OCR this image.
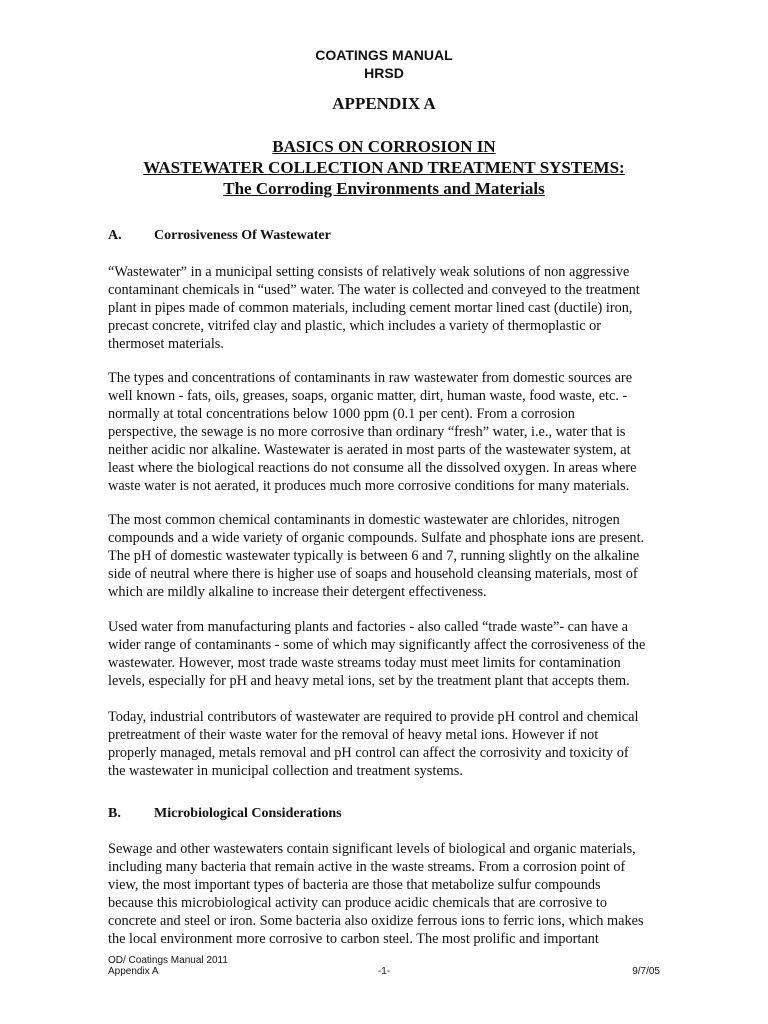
COATINGS MANUAL
HRSD
APPENDIX A
BASICS ON CORROSION IN
WASTEWATER COLLECTION AND TREATMENT SYSTEMS:
The Corroding Environments and Materials
A. Corrosiveness Of Wastewater
“Wastewater” in a municipal setting consists of relatively weak solutions of non aggressive
contaminant chemicals in “used” water. The water is collected and conveyed to the treatment
plant in pipes made of common materials, including cement mortar lined cast (ductile) iron,
precast concrete, vitrifed clay and plastic, which includes a variety of thermoplastic or
thermoset materials.
The types and concentrations of contaminants in raw wastewater from domestic sources are
well known - fats, oils, greases, soaps, organic matter, dirt, human waste, food waste, etc. -
normally at total concentrations below 1000 ppm (0.1 per cent). From a corrosion
perspective, the sewage is no more corrosive than ordinary “fresh” water, i.e., water that is
neither acidic nor alkaline. Wastewater is aerated in most parts of the wastewater system, at
least where the biological reactions do not consume all the dissolved oxygen. In areas where
waste water is not aerated, it produces much more corrosive conditions for many materials.
The most common chemical contaminants in domestic wastewater are chlorides, nitrogen
compounds and a wide variety of organic compounds. Sulfate and phosphate ions are present.
The pH of domestic wastewater typically is between 6 and 7, running slightly on the alkaline
side of neutral where there is higher use of soaps and household cleansing materials, most of
which are mildly alkaline to increase their detergent effectiveness.
Used water from manufacturing plants and factories - also called “trade waste”- can have a
wider range of contaminants - some of which may significantly affect the corrosiveness of the
wastewater. However, most trade waste streams today must meet limits for contamination
levels, especially for pH and heavy metal ions, set by the treatment plant that accepts them.
Today, industrial contributors of wastewater are required to provide pH control and chemical
pretreatment of their waste water for the removal of heavy metal ions. However if not
properly managed, metals removal and pH control can affect the corrosivity and toxicity of
the wastewater in municipal collection and treatment systems.
B. Microbiological Considerations
Sewage and other wastewaters contain significant levels of biological and organic materials,
including many bacteria that remain active in the waste streams. From a corrosion point of
view, the most important types of bacteria are those that metabolize sulfur compounds
because this microbiological activity can produce acidic chemicals that are corrosive to
concrete and steel or iron. Some bacteria also oxidize ferrous ions to ferric ions, which makes
the local environment more corrosive to carbon steel. The most prolific and important
OD/ Coatings Manual 2011
Appendix A	-1-	9/7/05
